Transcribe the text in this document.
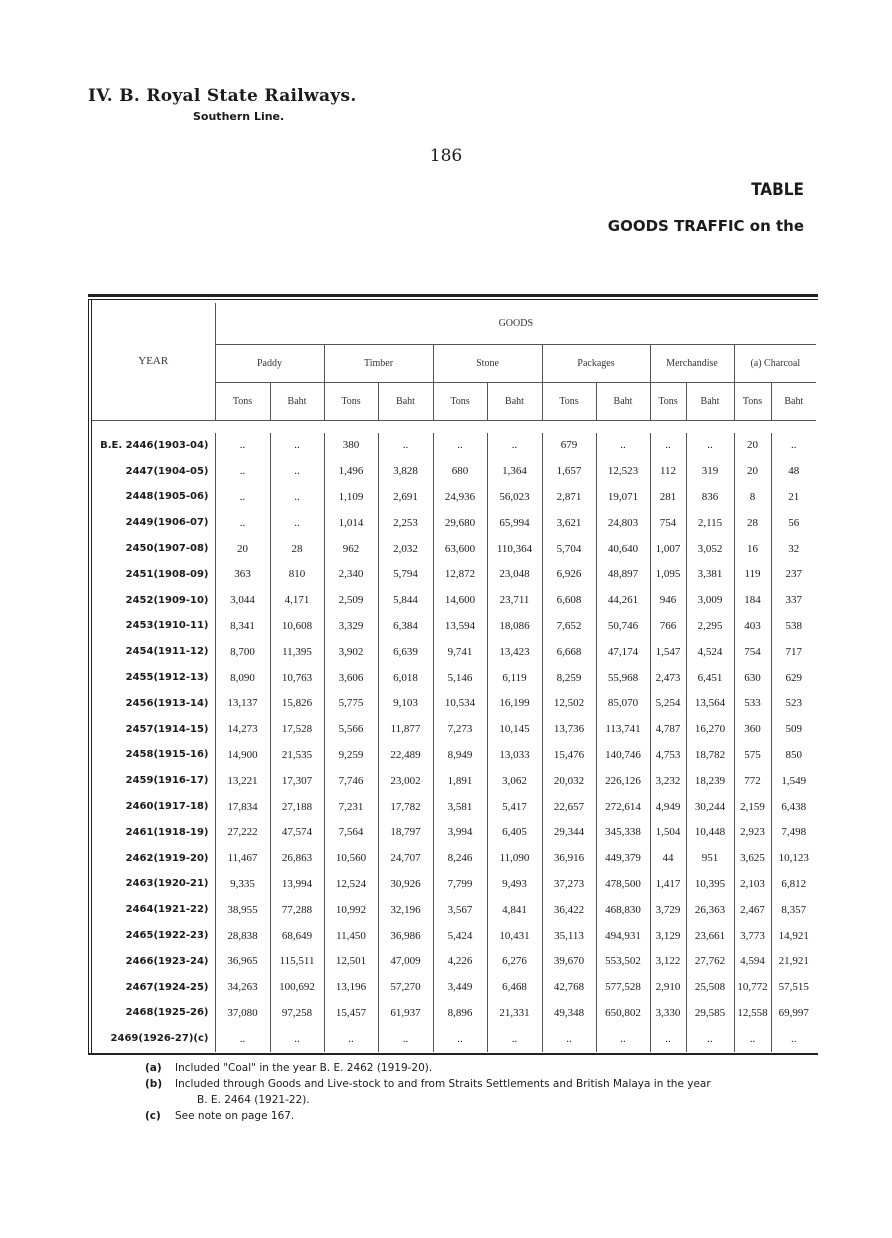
IV. B. Royal State Railways.
Southern Line.
186
TABLE
GOODS TRAFFIC on the
YEAR	GOODS											
	Paddy		Timber		Stone		Packages		Merchandise		(a) Charcoal	
	Tons	Baht	Tons	Baht	Tons	Baht	Tons	Baht	Tons	Baht	Tons	Baht

B.E. 2446(1903-04)	..	..	380	..	..	..	679	..	..	..	20	..
2447(1904-05)	..	..	1,496	3,828	680	1,364	1,657	12,523	112	319	20	48
2448(1905-06)	..	..	1,109	2,691	24,936	56,023	2,871	19,071	281	836	8	21
2449(1906-07)	..	..	1,014	2,253	29,680	65,994	3,621	24,803	754	2,115	28	56
2450(1907-08)	20	28	962	2,032	63,600	110,364	5,704	40,640	1,007	3,052	16	32
2451(1908-09)	363	810	2,340	5,794	12,872	23,048	6,926	48,897	1,095	3,381	119	237
2452(1909-10)	3,044	4,171	2,509	5,844	14,600	23,711	6,608	44,261	946	3,009	184	337
2453(1910-11)	8,341	10,608	3,329	6,384	13,594	18,086	7,652	50,746	766	2,295	403	538
2454(1911-12)	8,700	11,395	3,902	6,639	9,741	13,423	6,668	47,174	1,547	4,524	754	717
2455(1912-13)	8,090	10,763	3,606	6,018	5,146	6,119	8,259	55,968	2,473	6,451	630	629
2456(1913-14)	13,137	15,826	5,775	9,103	10,534	16,199	12,502	85,070	5,254	13,564	533	523
2457(1914-15)	14,273	17,528	5,566	11,877	7,273	10,145	13,736	113,741	4,787	16,270	360	509
2458(1915-16)	14,900	21,535	9,259	22,489	8,949	13,033	15,476	140,746	4,753	18,782	575	850
2459(1916-17)	13,221	17,307	7,746	23,002	1,891	3,062	20,032	226,126	3,232	18,239	772	1,549
2460(1917-18)	17,834	27,188	7,231	17,782	3,581	5,417	22,657	272,614	4,949	30,244	2,159	6,438
2461(1918-19)	27,222	47,574	7,564	18,797	3,994	6,405	29,344	345,338	1,504	10,448	2,923	7,498
2462(1919-20)	11,467	26,863	10,560	24,707	8,246	11,090	36,916	449,379	44	951	3,625	10,123
2463(1920-21)	9,335	13,994	12,524	30,926	7,799	9,493	37,273	478,500	1,417	10,395	2,103	6,812
2464(1921-22)	38,955	77,288	10,992	32,196	3,567	4,841	36,422	468,830	3,729	26,363	2,467	8,357
2465(1922-23)	28,838	68,649	11,450	36,986	5,424	10,431	35,113	494,931	3,129	23,661	3,773	14,921
2466(1923-24)	36,965	115,511	12,501	47,009	4,226	6,276	39,670	553,502	3,122	27,762	4,594	21,921
2467(1924-25)	34,263	100,692	13,196	57,270	3,449	6,468	42,768	577,528	2,910	25,508	10,772	57,515
2468(1925-26)	37,080	97,258	15,457	61,937	8,896	21,331	49,348	650,802	3,330	29,585	12,558	69,997
2469(1926-27)(c)	..	..	..	..	..	..	..	..	..	..	..	..
(a) Included "Coal" in the year B. E. 2462 (1919-20).
(b) Included through Goods and Live-stock to and from Straits Settlements and British Malaya in the year
B. E. 2464 (1921-22).
(c) See note on page 167.
